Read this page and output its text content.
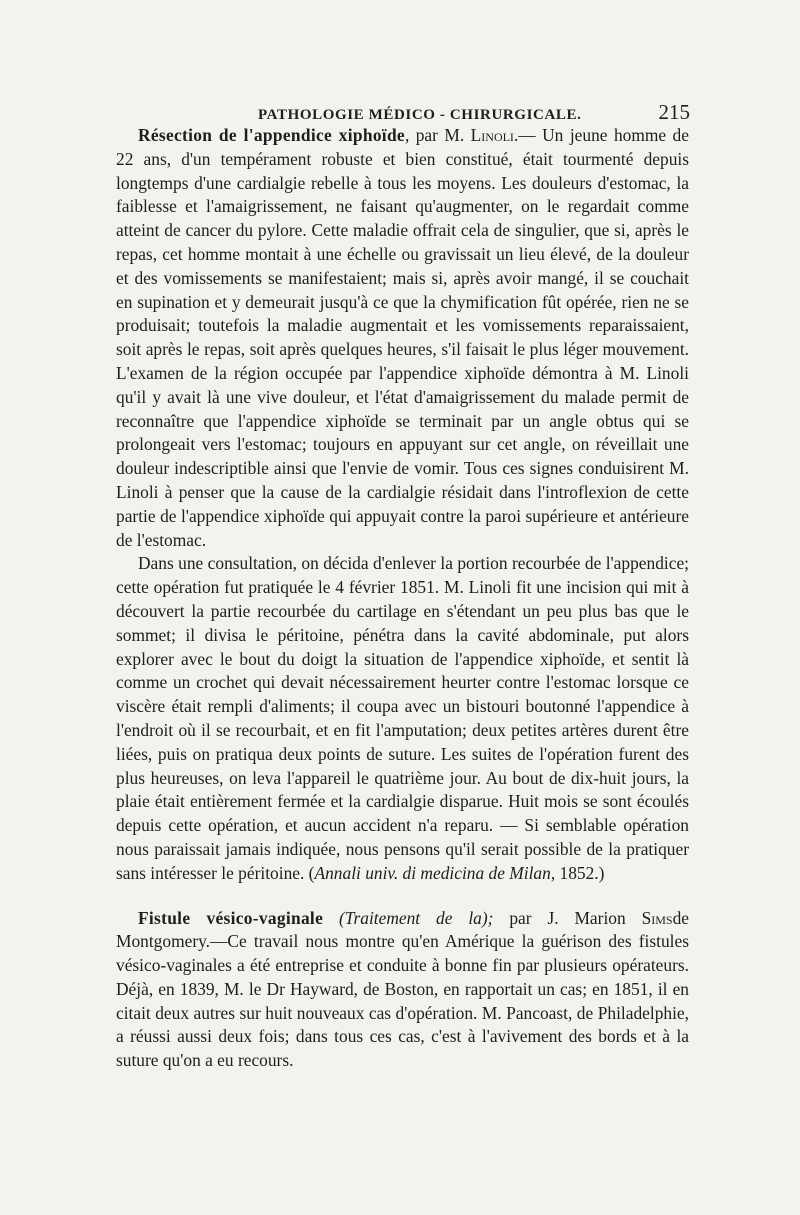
PATHOLOGIE MÉDICO - CHIRURGICALE.	215

Résection de l'appendice xiphoïde, par M. Linoli.— Un jeune homme de 22 ans, d'un tempérament robuste et bien constitué, était tourmenté depuis longtemps d'une cardialgie rebelle à tous les moyens. Les douleurs d'estomac, la faiblesse et l'amaigrissement, ne faisant qu'augmenter, on le regardait comme atteint de cancer du pylore. Cette maladie offrait cela de singulier, que si, après le repas, cet homme montait à une échelle ou gravissait un lieu élevé, de la douleur et des vomissements se manifestaient; mais si, après avoir mangé, il se couchait en supination et y demeurait jusqu'à ce que la chymification fût opérée, rien ne se produisait; toutefois la maladie augmentait et les vomissements reparaissaient, soit après le repas, soit après quelques heures, s'il faisait le plus léger mouvement. L'examen de la région occupée par l'appendice xiphoïde démontra à M. Linoli qu'il y avait là une vive douleur, et l'état d'amaigrissement du malade permit de reconnaître que l'appendice xiphoïde se terminait par un angle obtus qui se prolongeait vers l'estomac; toujours en appuyant sur cet angle, on réveillait une douleur indescriptible ainsi que l'envie de vomir. Tous ces signes conduisirent M. Linoli à penser que la cause de la cardialgie résidait dans l'introflexion de cette partie de l'appendice xiphoïde qui appuyait contre la paroi supérieure et antérieure de l'estomac.

Dans une consultation, on décida d'enlever la portion recourbée de l'appendice; cette opération fut pratiquée le 4 février 1851. M. Linoli fit une incision qui mit à découvert la partie recourbée du cartilage en s'étendant un peu plus bas que le sommet; il divisa le péritoine, pénétra dans la cavité abdominale, put alors explorer avec le bout du doigt la situation de l'appendice xiphoïde, et sentit là comme un crochet qui devait nécessairement heurter contre l'estomac lorsque ce viscère était rempli d'aliments; il coupa avec un bistouri boutonné l'appendice à l'endroit où il se recourbait, et en fit l'amputation; deux petites artères durent être liées, puis on pratiqua deux points de suture. Les suites de l'opération furent des plus heureuses, on leva l'appareil le quatrième jour. Au bout de dix-huit jours, la plaie était entièrement fermée et la cardialgie disparue. Huit mois se sont écoulés depuis cette opération, et aucun accident n'a reparu. — Si semblable opération nous paraissait jamais indiquée, nous pensons qu'il serait possible de la pratiquer sans intéresser le péritoine. (Annali univ. di medicina de Milan, 1852.)

Fistule vésico-vaginale (Traitement de la); par J. Marion Simsde Montgomery.—Ce travail nous montre qu'en Amérique la guérison des fistules vésico-vaginales a été entreprise et conduite à bonne fin par plusieurs opérateurs. Déjà, en 1839, M. le Dr Hayward, de Boston, en rapportait un cas; en 1851, il en citait deux autres sur huit nouveaux cas d'opération. M. Pancoast, de Philadelphie, a réussi aussi deux fois; dans tous ces cas, c'est à l'avivement des bords et à la suture qu'on a eu recours.
